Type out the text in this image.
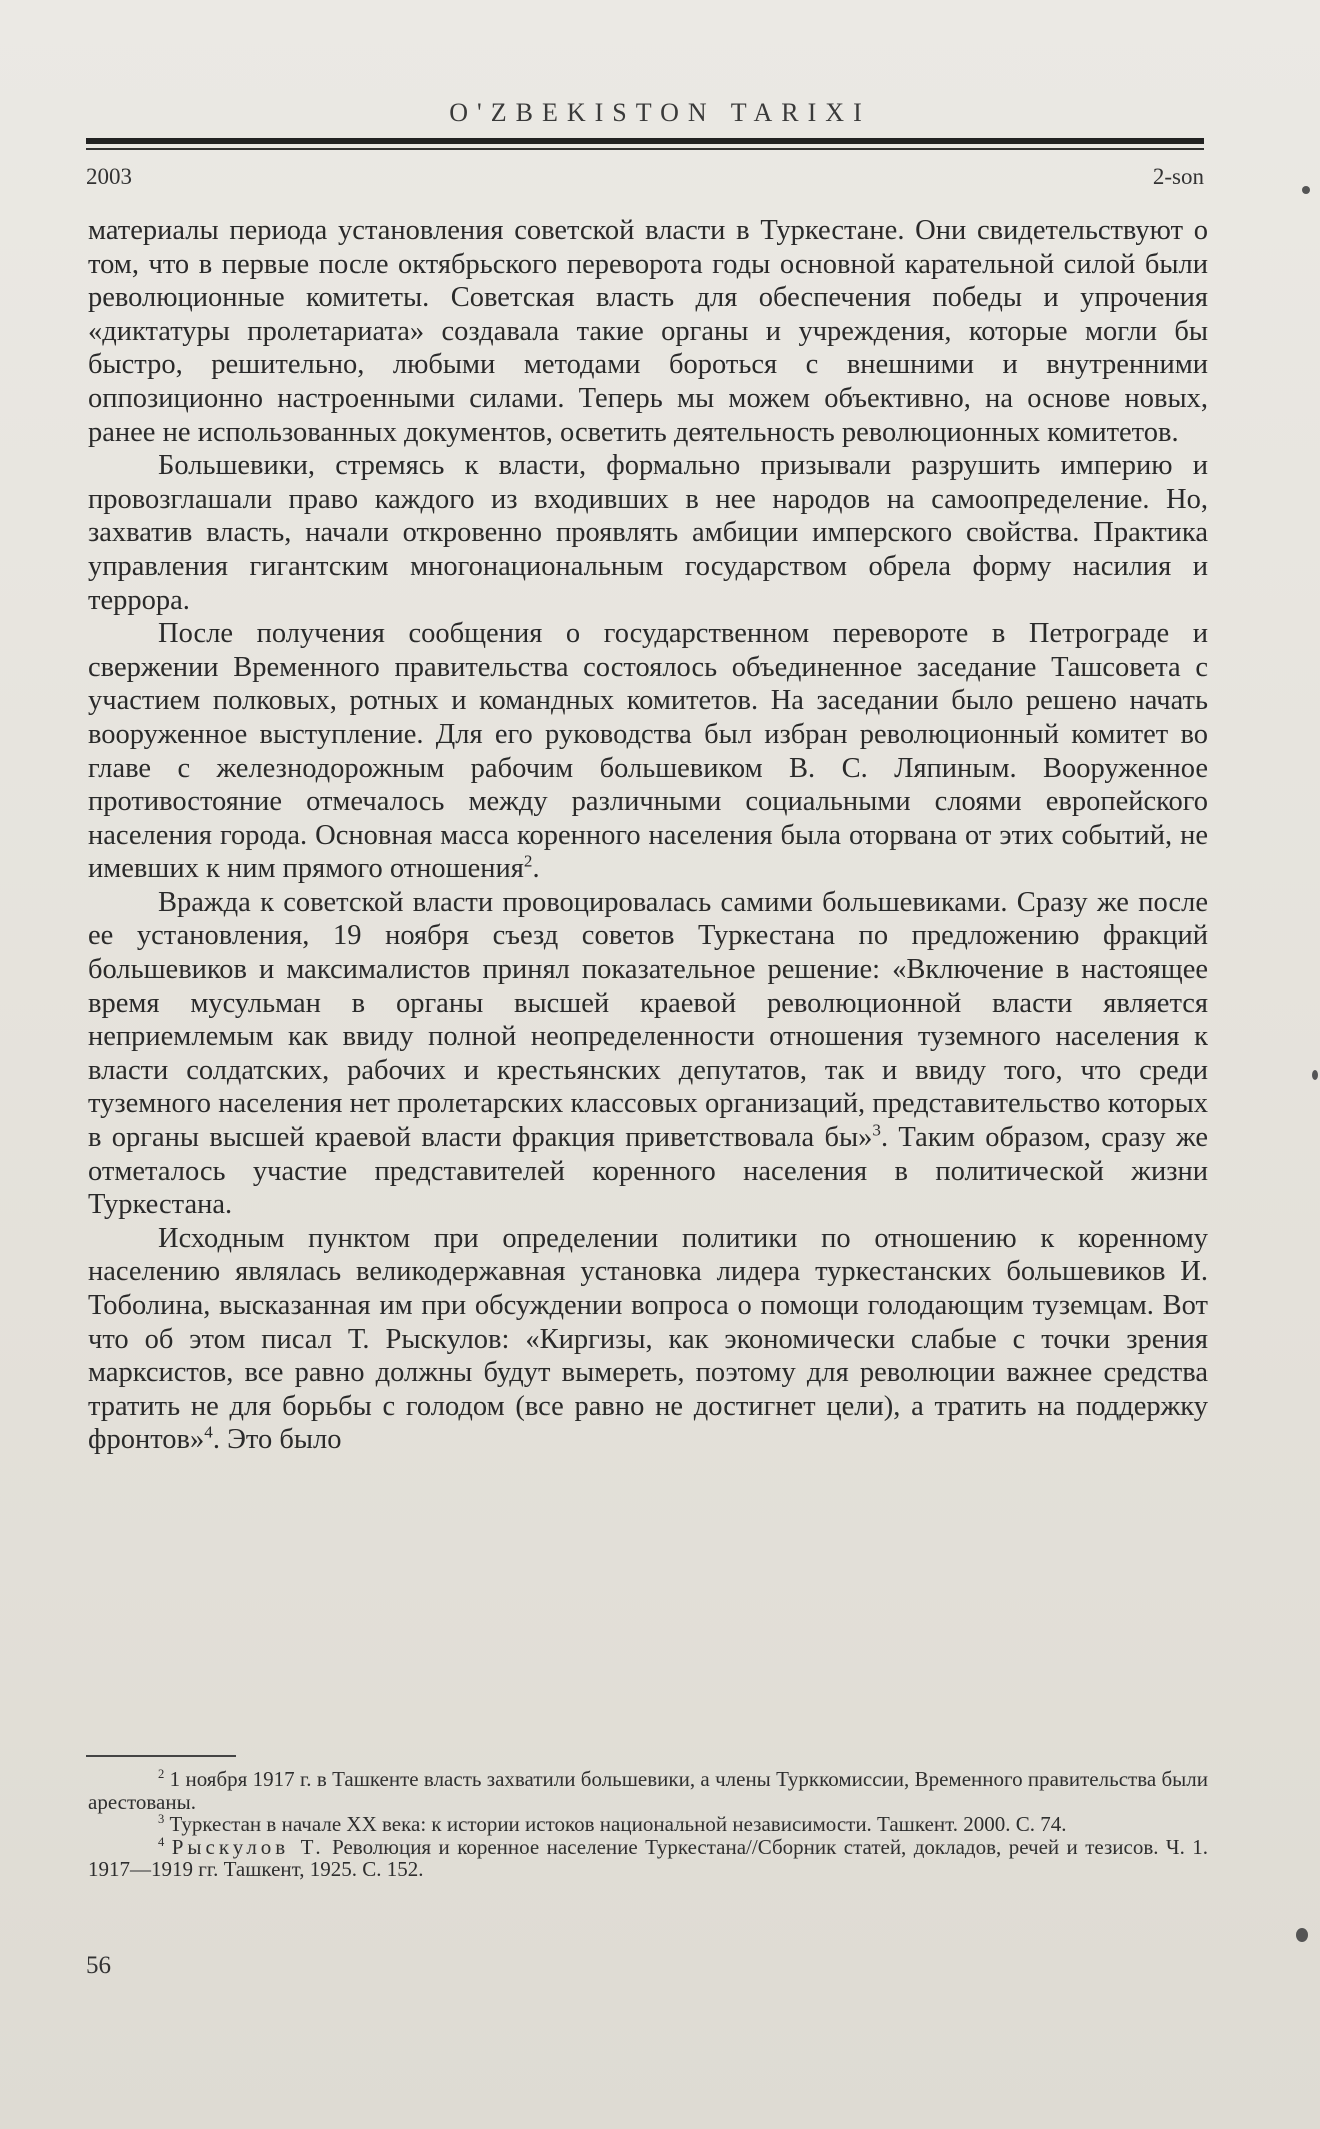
O'ZBEKISTON TARIXI
2003	2-son

материалы периода установления советской власти в Туркестане. Они свидетельствуют о том, что в первые после октябрьского переворота годы основной карательной силой были революционные комитеты. Советская власть для обеспечения победы и упрочения «диктатуры пролетариата» создавала такие органы и учреждения, которые могли бы быстро, решительно, любыми методами бороться с внешними и внутренними оппозиционно настроенными силами. Теперь мы можем объективно, на основе новых, ранее не использованных документов, осветить деятельность революционных комитетов.

Большевики, стремясь к власти, формально призывали разрушить империю и провозглашали право каждого из входивших в нее народов на самоопределение. Но, захватив власть, начали откровенно проявлять амбиции имперского свойства. Практика управления гигантским многонациональным государством обрела форму насилия и террора.

После получения сообщения о государственном перевороте в Петрограде и свержении Временного правительства состоялось объединенное заседание Ташсовета с участием полковых, ротных и командных комитетов. На заседании было решено начать вооруженное выступление. Для его руководства был избран революционный комитет во главе с железнодорожным рабочим большевиком В. С. Ляпиным. Вооруженное противостояние отмечалось между различными социальными слоями европейского населения города. Основная масса коренного населения была оторвана от этих событий, не имевших к ним прямого отношения$^2$.

Вражда к советской власти провоцировалась самими большевиками. Сразу же после ее установления, 19 ноября съезд советов Туркестана по предложению фракций большевиков и максималистов принял показательное решение: «Включение в настоящее время мусульман в органы высшей краевой революционной власти является неприемлемым как ввиду полной неопределенности отношения туземного населения к власти солдатских, рабочих и крестьянских депутатов, так и ввиду того, что среди туземного населения нет пролетарских классовых организаций, представительство которых в органы высшей краевой власти фракция приветствовала бы»$^3$. Таким образом, сразу же отметалось участие представителей коренного населения в политической жизни Туркестана.

Исходным пунктом при определении политики по отношению к коренному населению являлась великодержавная установка лидера туркестанских большевиков И. Тоболина, высказанная им при обсуждении вопроса о помощи голодающим туземцам. Вот что об этом писал Т. Рыскулов: «Киргизы, как экономически слабые с точки зрения марксистов, все равно должны будут вымереть, поэтому для революции важнее средства тратить не для борьбы с голодом (все равно не достигнет цели), а тратить на поддержку фронтов»$^4$. Это было

$^2$ 1 ноября 1917 г. в Ташкенте власть захватили большевики, а члены Турккомиссии, Временного правительства были арестованы.

$^3$ Туркестан в начале XX века: к истории истоков национальной независимости. Ташкент. 2000. С. 74.

$^4$ Рыскулов Т. Революция и коренное население Туркестана//Сборник статей, докладов, речей и тезисов. Ч. 1. 1917—1919 гг. Ташкент, 1925. С. 152.

56
